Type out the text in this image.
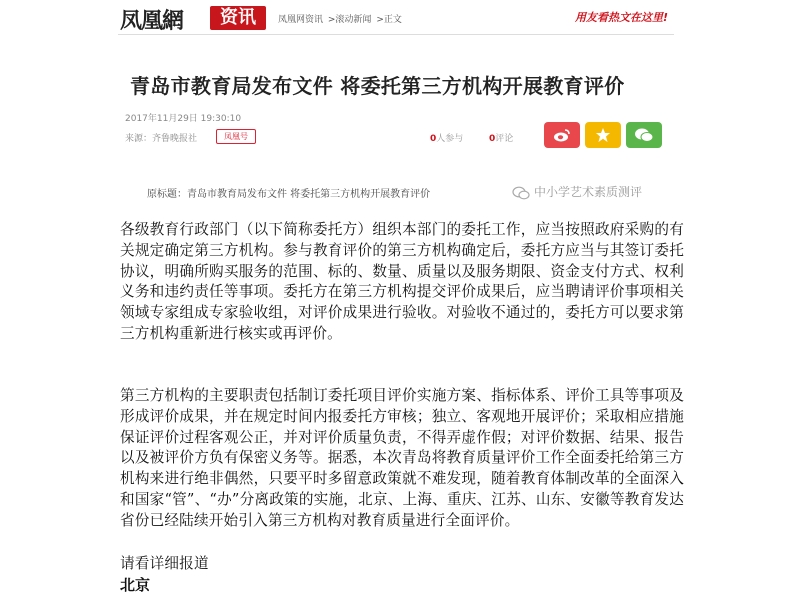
凤凰網	资讯	凤凰网资讯 >滚动新闻 >正文	用友看热文在这里!
青岛市教育局发布文件 将委托第三方机构开展教育评价
2017年11月29日 19:30:10
来源：齐鲁晚报社	凤凰号	0人参与	0评论
原标题：青岛市教育局发布文件 将委托第三方机构开展教育评价	中小学艺术素质测评

各级教育行政部门（以下简称委托方）组织本部门的委托工作，应当按照政府采购的有关规定确定第三方机构。参与教育评价的第三方机构确定后，委托方应当与其签订委托协议，明确所购买服务的范围、标的、数量、质量以及服务期限、资金支付方式、权利义务和违约责任等事项。委托方在第三方机构提交评价成果后，应当聘请评价事项相关领域专家组成专家验收组，对评价成果进行验收。对验收不通过的，委托方可以要求第三方机构重新进行核实或再评价。

第三方机构的主要职责包括制订委托项目评价实施方案、指标体系、评价工具等事项及形成评价成果，并在规定时间内报委托方审核；独立、客观地开展评价；采取相应措施保证评价过程客观公正，并对评价质量负责，不得弄虚作假；对评价数据、结果、报告以及被评价方负有保密义务等。据悉，本次青岛将教育质量评价工作全面委托给第三方机构来进行绝非偶然，只要平时多留意政策就不难发现，随着教育体制改革的全面深入和国家“管”、“办”分离政策的实施，北京、上海、重庆、江苏、山东、安徽等教育发达省份已经陆续开始引入第三方机构对教育质量进行全面评价。

请看详细报道

北京
